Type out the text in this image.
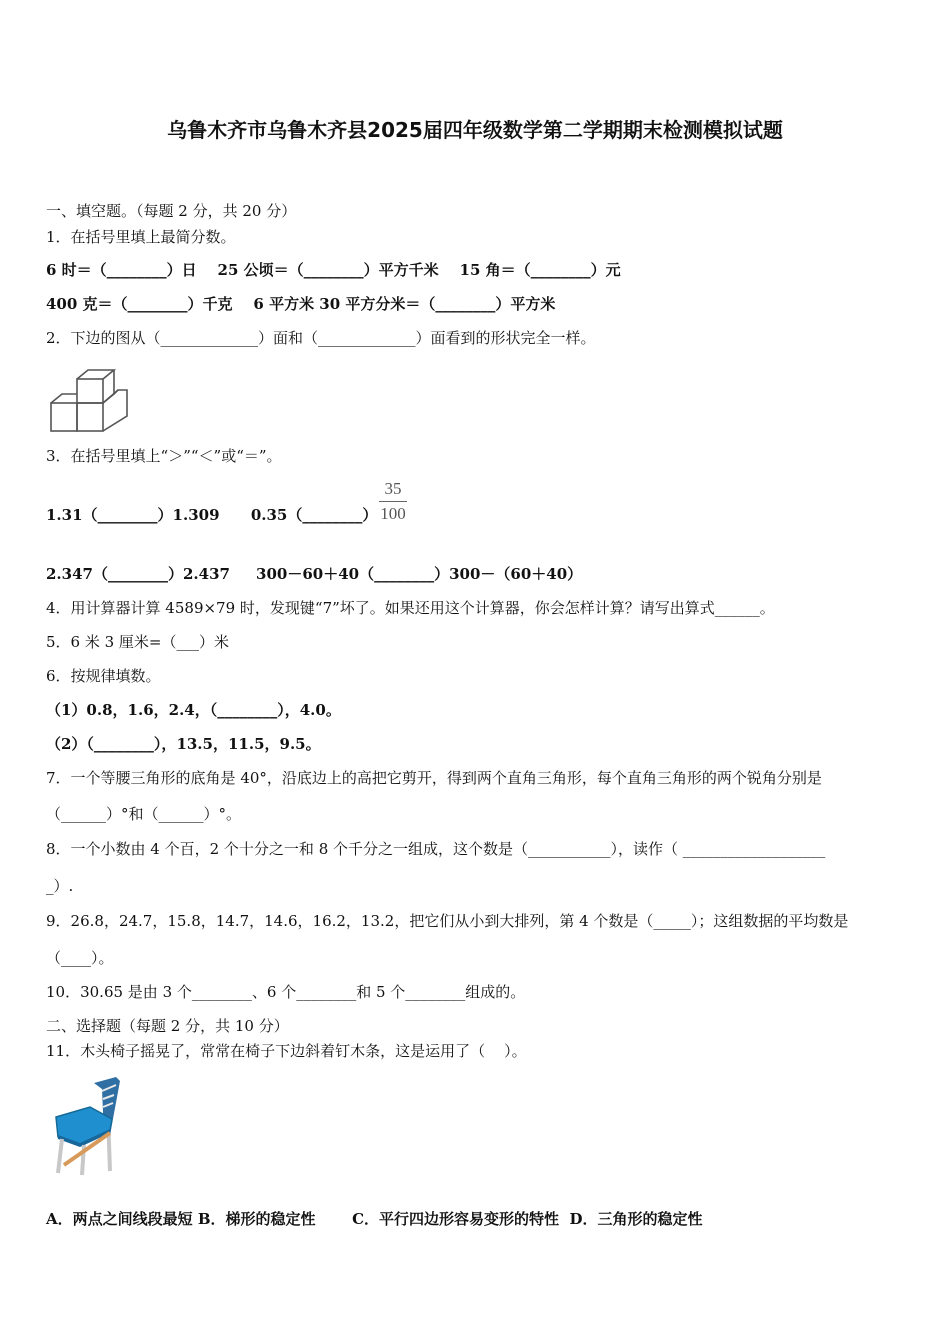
乌鲁木齐市乌鲁木齐县2025届四年级数学第二学期期末检测模拟试题
一、填空题。（每题 2 分，共 20 分）
1．在括号里填上最简分数。
6 时＝（________）日    25 公顷＝（________）平方千米    15 角＝（________）元
400 克＝（________）千克    6 平方米 30 平方分米＝（________）平方米
2．下边的图从（_____________）面和（_____________）面看到的形状完全一样。
3．在括号里填上“＞”“＜”或“＝”。
1.31（________）1.309      0.35（________）
35
100
2.347（________）2.437     300－60＋40（________）300－（60＋40）
4．用计算器计算 4589×79 时，发现键“7”坏了。如果还用这个计算器，你会怎样计算？请写出算式______。
5．6 米 3 厘米=（___）米
6．按规律填数。
（1）0.8，1.6，2.4，（________），4.0。
（2）（________），13.5，11.5，9.5。
7．一个等腰三角形的底角是 40°，沿底边上的高把它剪开，得到两个直角三角形，每个直角三角形的两个锐角分别是
（______）°和（______）°。
8．一个小数由 4 个百，2 个十分之一和 8 个千分之一组成，这个数是（___________），读作（ ___________________
_）.
9．26.8，24.7，15.8，14.7，14.6，16.2，13.2，把它们从小到大排列，第 4 个数是（_____）；这组数据的平均数是
（____）。
10．30.65 是由 3 个________、6 个________和 5 个________组成的。
二、选择题（每题 2 分，共 10 分）
11．木头椅子摇晃了，常常在椅子下边斜着钉木条，这是运用了（    ）。
A．两点之间线段最短 B．梯形的稳定性       C．平行四边形容易变形的特性  D．三角形的稳定性
